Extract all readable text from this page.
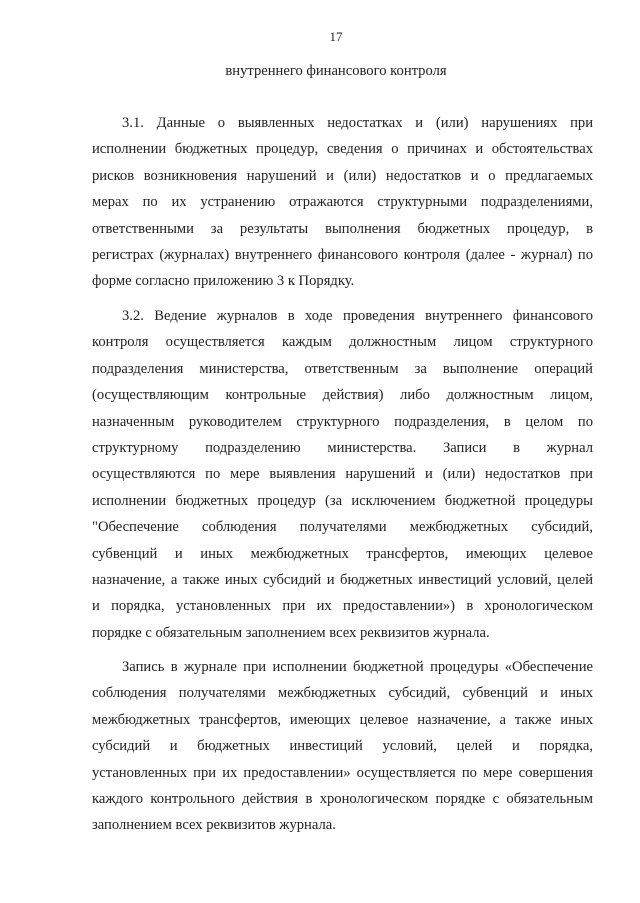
17
внутреннего финансового контроля
3.1. Данные о выявленных недостатках и (или) нарушениях при
исполнении бюджетных процедур, сведения о причинах и обстоятельствах
рисков возникновения нарушений и (или) недостатков и о предлагаемых
мерах по их устранению отражаются структурными подразделениями,
ответственными за результаты выполнения бюджетных процедур, в
регистрах (журналах) внутреннего финансового контроля (далее - журнал) по
форме согласно приложению 3 к Порядку.
3.2. Ведение журналов в ходе проведения внутреннего финансового
контроля осуществляется каждым должностным лицом структурного
подразделения министерства, ответственным за выполнение операций
(осуществляющим контрольные действия) либо должностным лицом,
назначенным руководителем структурного подразделения, в целом по
структурному подразделению министерства. Записи в журнал
осуществляются по мере выявления нарушений и (или) недостатков при
исполнении бюджетных процедур (за исключением бюджетной процедуры
"Обеспечение соблюдения получателями межбюджетных субсидий,
субвенций и иных межбюджетных трансфертов, имеющих целевое
назначение, а также иных субсидий и бюджетных инвестиций условий, целей
и порядка, установленных при их предоставлении») в хронологическом
порядке с обязательным заполнением всех реквизитов журнала.
Запись в журнале при исполнении бюджетной процедуры «Обеспечение
соблюдения получателями межбюджетных субсидий, субвенций и иных
межбюджетных трансфертов, имеющих целевое назначение, а также иных
субсидий и бюджетных инвестиций условий, целей и порядка,
установленных при их предоставлении» осуществляется по мере совершения
каждого контрольного действия в хронологическом порядке с обязательным
заполнением всех реквизитов журнала.
